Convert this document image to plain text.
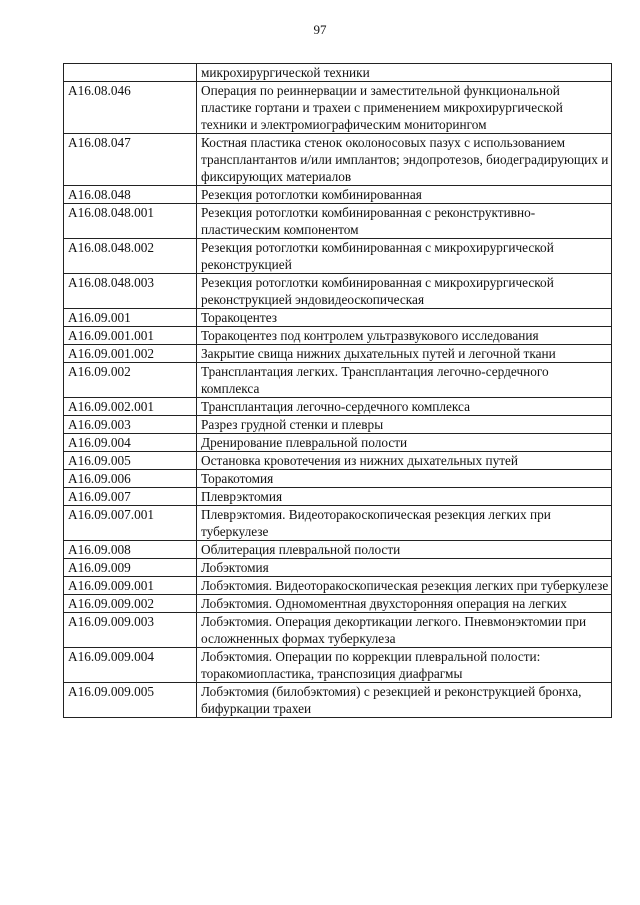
97
	микрохирургической техники
А16.08.046	Операция по реиннервации и заместительной функциональной пластике гортани и трахеи с применением микрохирургической техники и электромиографическим мониторингом
А16.08.047	Костная пластика стенок околоносовых пазух с использованием трансплантантов и/или имплантов; эндопротезов, биодеградирующих и фиксирующих материалов
А16.08.048	Резекция ротоглотки комбинированная
А16.08.048.001	Резекция ротоглотки комбинированная с реконструктивно-пластическим компонентом
А16.08.048.002	Резекция ротоглотки комбинированная с микрохирургической реконструкцией
А16.08.048.003	Резекция ротоглотки комбинированная с микрохирургической реконструкцией эндовидеоскопическая
А16.09.001	Торакоцентез
А16.09.001.001	Торакоцентез под контролем ультразвукового исследования
А16.09.001.002	Закрытие свища нижних дыхательных путей и легочной ткани
А16.09.002	Трансплантация легких. Трансплантация легочно-сердечного комплекса
А16.09.002.001	Трансплантация легочно-сердечного комплекса
А16.09.003	Разрез грудной стенки и плевры
А16.09.004	Дренирование плевральной полости
А16.09.005	Остановка кровотечения из нижних дыхательных путей
А16.09.006	Торакотомия
А16.09.007	Плеврэктомия
А16.09.007.001	Плеврэктомия. Видеоторакоскопическая резекция легких при туберкулезе
А16.09.008	Облитерация плевральной полости
А16.09.009	Лобэктомия
А16.09.009.001	Лобэктомия. Видеоторакоскопическая резекция легких при туберкулезе
А16.09.009.002	Лобэктомия. Одномоментная двухсторонняя операция на легких
А16.09.009.003	Лобэктомия. Операция декортикации легкого. Пневмонэктомии при осложненных формах туберкулеза
А16.09.009.004	Лобэктомия. Операции по коррекции плевральной полости: торакомиопластика, транспозиция диафрагмы
А16.09.009.005	Лобэктомия (билобэктомия) с резекцией и реконструкцией бронха, бифуркации трахеи
